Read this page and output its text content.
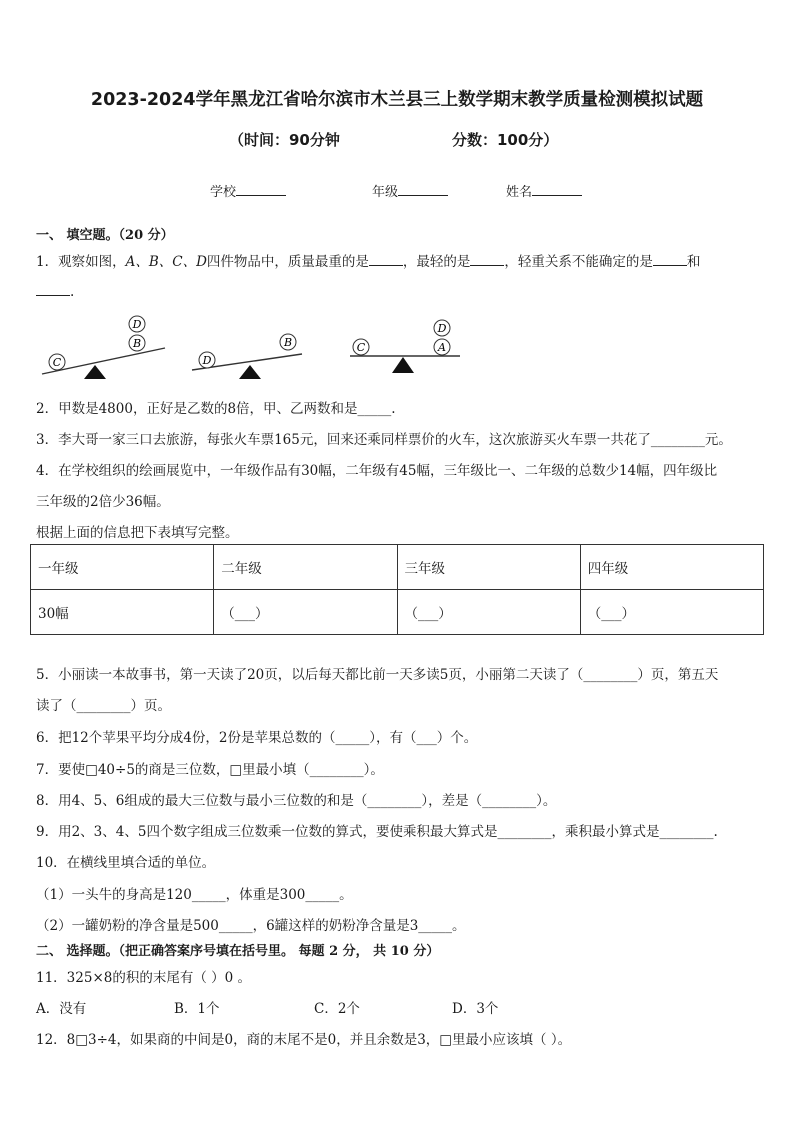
2023-2024学年黑龙江省哈尔滨市木兰县三上数学期末教学质量检测模拟试题
（时间：90分钟	分数：100分）
学校	年级	姓名
一、 填空题。（20 分）
1．观察如图，A、B、C、D四件物品中，质量最重的是	，最轻的是	，轻重关系不能确定的是	和
.
C
B
D
D
B	C	A
D
2．甲数是4800，正好是乙数的8倍，甲、乙两数和是_____.
3．李大哥一家三口去旅游，每张火车票165元，回来还乘同样票价的火车，这次旅游买火车票一共花了________元。
4．在学校组织的绘画展览中，一年级作品有30幅，二年级有45幅，三年级比一、二年级的总数少14幅，四年级比
三年级的2倍少36幅。
根据上面的信息把下表填写完整。
一年级	二年级	三年级	四年级
30幅	（___）	（___）	（___）
5．小丽读一本故事书，第一天读了20页，以后每天都比前一天多读5页，小丽第二天读了（________）页，第五天
读了（________）页。
6．把12个苹果平均分成4份，2份是苹果总数的（_____），有（___）个。
7．要使□40÷5的商是三位数，□里最小填（________）。
8．用4、5、6组成的最大三位数与最小三位数的和是（________），差是（________）。
9．用2、3、4、5四个数字组成三位数乘一位数的算式，要使乘积最大算式是________，乘积最小算式是________.
10．在横线里填合适的单位。
（1）一头牛的身高是120_____，体重是300_____。
（2）一罐奶粉的净含量是500_____，6罐这样的奶粉净含量是3_____。
二、 选择题。（把正确答案序号填在括号里。 每题 2 分， 共 10 分）
11．325×8的积的末尾有（ ）0 。
A．没有	B．1个	C．2个	D．3个
12．8□3÷4，如果商的中间是0，商的末尾不是0，并且余数是3，□里最小应该填（ ）。
